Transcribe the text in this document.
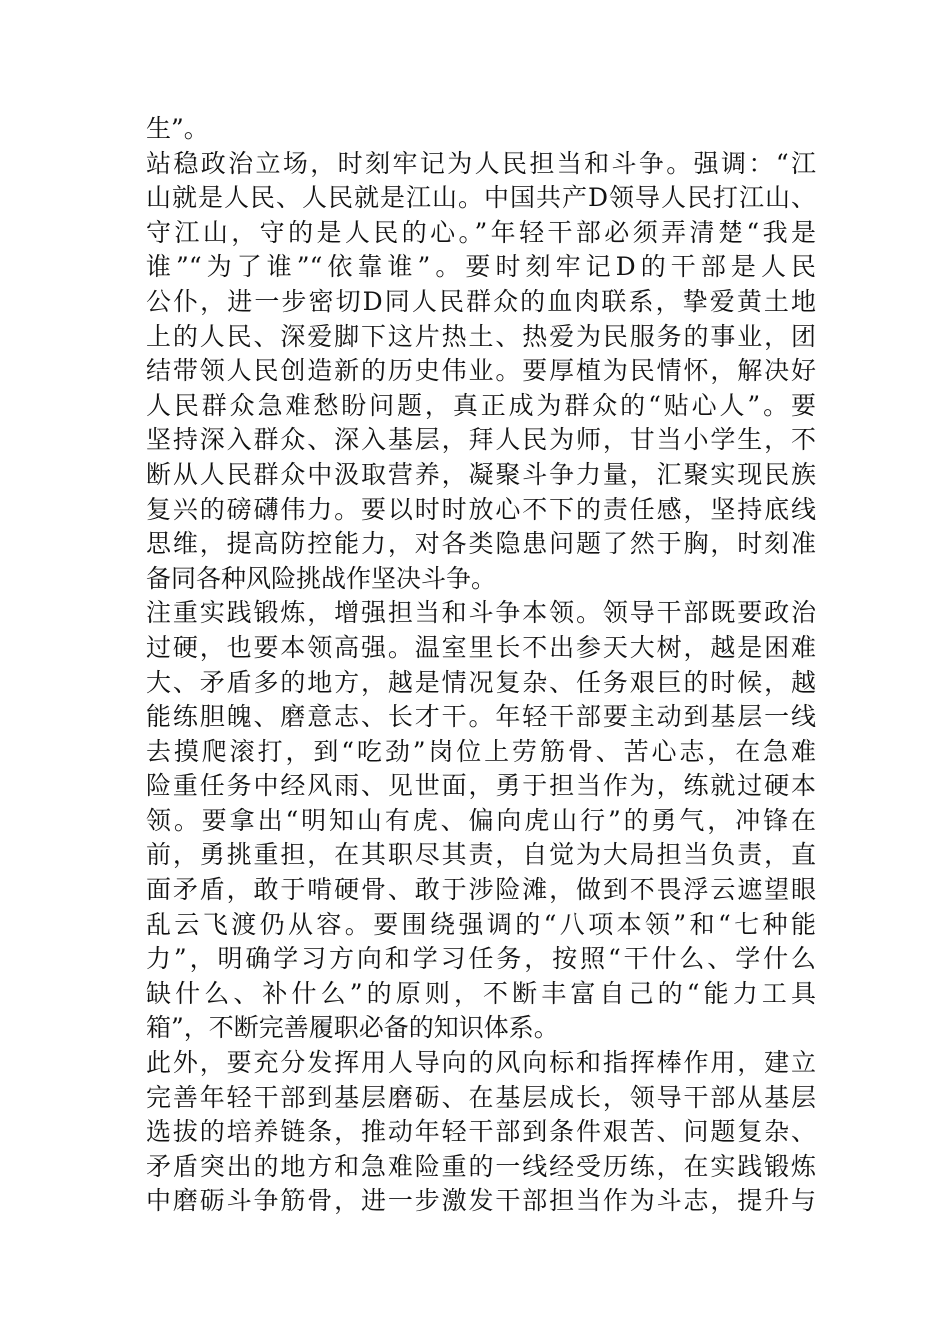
生”。
站稳政治立场，时刻牢记为人民担当和斗争。强调：“江
山就是人民、人民就是江山。中国共产D领导人民打江山、
守江山，守的是人民的心。”年轻干部必须弄清楚“我是
谁”“为了谁”“依靠谁”。要时刻牢记D的干部是人民
公仆，进一步密切D同人民群众的血肉联系，挚爱黄土地
上的人民、深爱脚下这片热土、热爱为民服务的事业，团
结带领人民创造新的历史伟业。要厚植为民情怀，解决好
人民群众急难愁盼问题，真正成为群众的“贴心人”。要
坚持深入群众、深入基层，拜人民为师，甘当小学生，不
断从人民群众中汲取营养，凝聚斗争力量，汇聚实现民族
复兴的磅礴伟力。要以时时放心不下的责任感，坚持底线
思维，提高防控能力，对各类隐患问题了然于胸，时刻准
备同各种风险挑战作坚决斗争。
注重实践锻炼，增强担当和斗争本领。领导干部既要政治
过硬，也要本领高强。温室里长不出参天大树，越是困难
大、矛盾多的地方，越是情况复杂、任务艰巨的时候，越
能练胆魄、磨意志、长才干。年轻干部要主动到基层一线
去摸爬滚打，到“吃劲”岗位上劳筋骨、苦心志，在急难
险重任务中经风雨、见世面，勇于担当作为，练就过硬本
领。要拿出“明知山有虎、偏向虎山行”的勇气，冲锋在
前，勇挑重担，在其职尽其责，自觉为大局担当负责，直
面矛盾，敢于啃硬骨、敢于涉险滩，做到不畏浮云遮望眼
乱云飞渡仍从容。要围绕强调的“八项本领”和“七种能
力”，明确学习方向和学习任务，按照“干什么、学什么
缺什么、补什么”的原则，不断丰富自己的“能力工具
箱”，不断完善履职必备的知识体系。
此外，要充分发挥用人导向的风向标和指挥棒作用，建立
完善年轻干部到基层磨砺、在基层成长，领导干部从基层
选拔的培养链条，推动年轻干部到条件艰苦、问题复杂、
矛盾突出的地方和急难险重的一线经受历练，在实践锻炼
中磨砺斗争筋骨，进一步激发干部担当作为斗志，提升与
